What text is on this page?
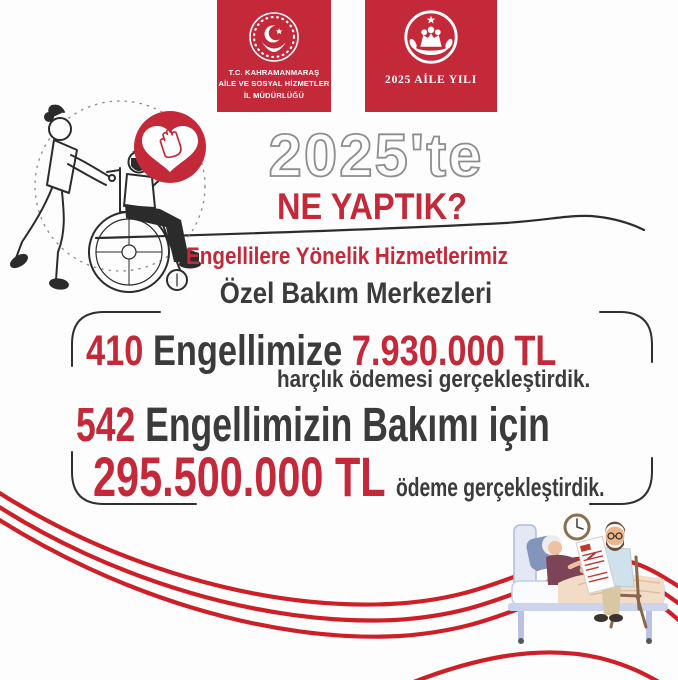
T.C. KAHRAMANMARAŞ
AİLE VE SOSYAL HİZMETLER
İL MÜDÜRLÜĞÜ
2025 AİLE YILI
2025'te
NE YAPTIK?
Engellilere Yönelik Hizmetlerimiz
Özel Bakım Merkezleri
410 Engellimize 7.930.000 TL
harçlık ödemesi gerçekleştirdik.
542 Engellimizin Bakımı için
295.500.000 TL ödeme gerçekleştirdik.
